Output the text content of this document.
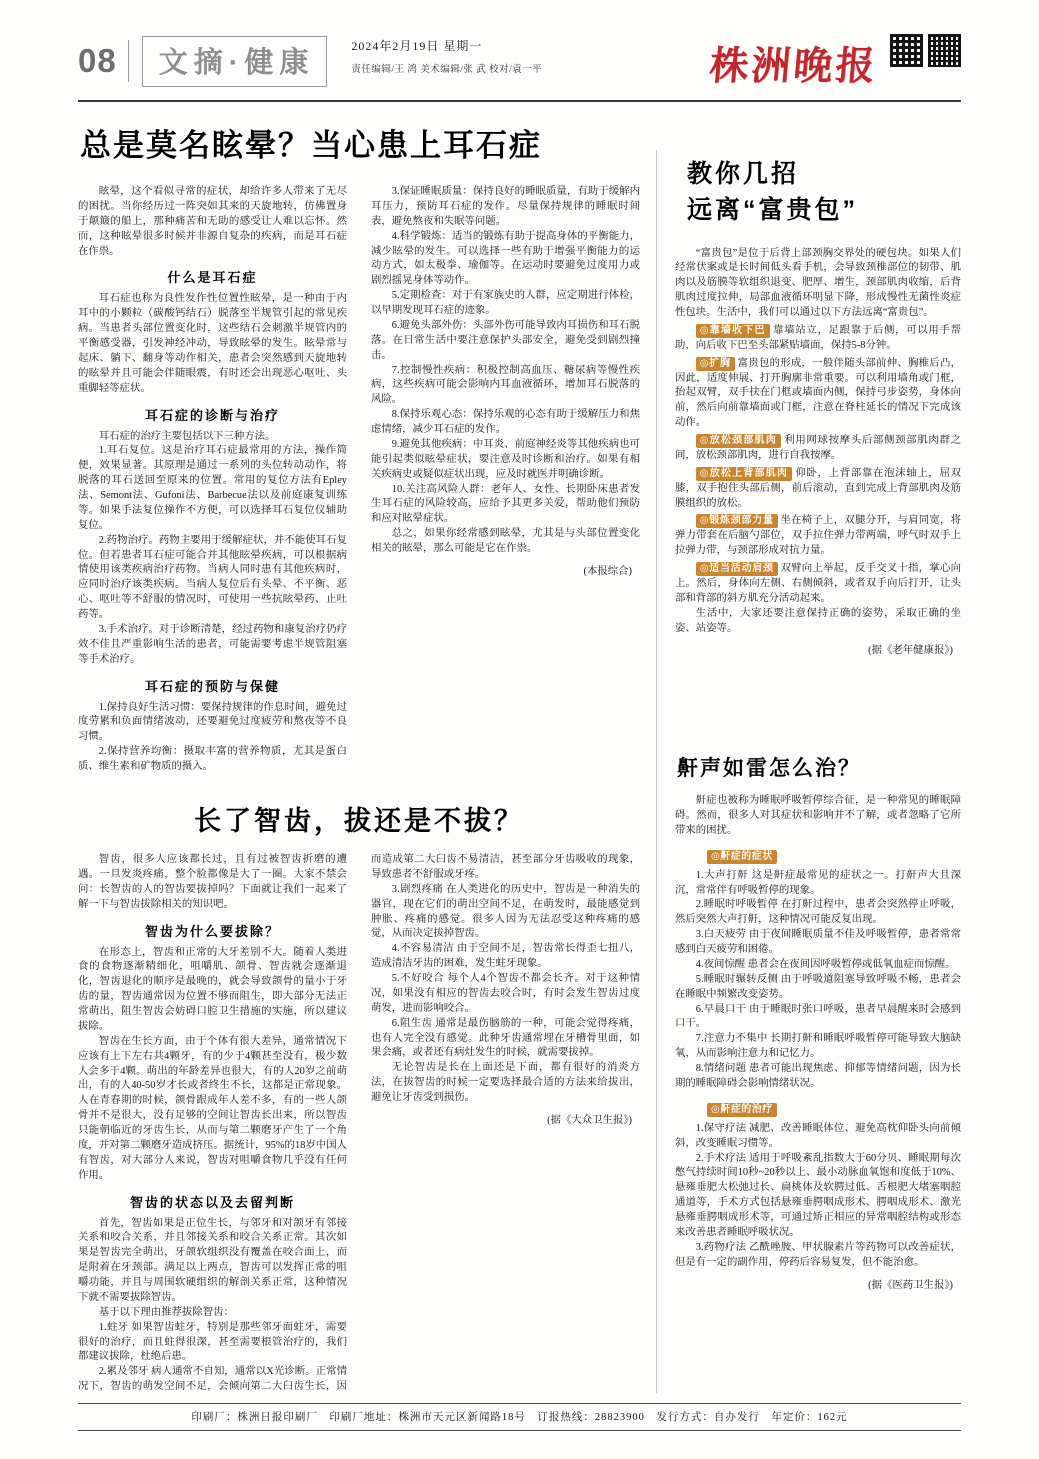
08	文摘·健康
2024年2月19日 星期一
责任编辑/王 鸿 美术编辑/张 武 校对/袁一平	株洲晚报
总是莫名眩晕？当心患上耳石症

眩晕，这个看似寻常的症状，却给许多人带来了无尽的困扰。当你经历过一阵突如其来的天旋地转，仿佛置身于颠簸的船上，那种痛苦和无助的感受让人难以忘怀。然而，这种眩晕很多时候并非源自复杂的疾病，而是耳石症在作祟。

什么是耳石症

耳石症也称为良性发作性位置性眩晕，是一种由于内耳中的小颗粒（碳酸钙结石）脱落至半规管引起的常见疾病。当患者头部位置变化时，这些结石会刺激半规管内的平衡感受器，引发神经冲动，导致眩晕的发生。眩晕常与起床、躺下、翻身等动作相关，患者会突然感到天旋地转的眩晕并且可能会伴随眼震，有时还会出现恶心呕吐、头重脚轻等症状。

耳石症的诊断与治疗

耳石症的治疗主要包括以下三种方法。

1.耳石复位。这是治疗耳石症最常用的方法，操作简便，效果显著。其原理是通过一系列的头位转动动作，将脱落的耳石送回至原来的位置。常用的复位方法有Epley法、Semont法、Gufoni法、Barbecue法以及前庭康复训练等。如果手法复位操作不方便，可以选择耳石复位仪辅助复位。

2.药物治疗。药物主要用于缓解症状，并不能使耳石复位。但若患者耳石症可能合并其他眩晕疾病，可以根据病情使用该类疾病治疗药物。当病人同时患有其他疾病时，应同时治疗该类疾病。当病人复位后有头晕、不平衡、恶心、呕吐等不舒服的情况时，可使用一些抗眩晕药、止吐药等。

3.手术治疗。对于诊断清楚，经过药物和康复治疗仍疗效不佳且严重影响生活的患者，可能需要考虑半规管阻塞等手术治疗。

耳石症的预防与保健

1.保持良好生活习惯：要保持规律的作息时间，避免过度劳累和负面情绪波动，还要避免过度疲劳和熬夜等不良习惯。

2.保持营养均衡：摄取丰富的营养物质，尤其是蛋白质、维生素和矿物质的摄入。

3.保证睡眠质量：保持良好的睡眠质量，有助于缓解内耳压力，预防耳石症的发作。尽量保持规律的睡眠时间表，避免熬夜和失眠等问题。

4.科学锻炼：适当的锻炼有助于提高身体的平衡能力，减少眩晕的发生。可以选择一些有助于增强平衡能力的运动方式，如太极拳、瑜伽等。在运动时要避免过度用力或剧烈摇晃身体等动作。

5.定期检查：对于有家族史的人群，应定期进行体检，以早期发现耳石症的迹象。

6.避免头部外伤：头部外伤可能导致内耳损伤和耳石脱落。在日常生活中要注意保护头部安全，避免受到剧烈撞击。

7.控制慢性疾病：积极控制高血压、糖尿病等慢性疾病，这些疾病可能会影响内耳血液循环，增加耳石脱落的风险。

8.保持乐观心态：保持乐观的心态有助于缓解压力和焦虑情绪，减少耳石症的发作。

9.避免其他疾病：中耳炎、前庭神经炎等其他疾病也可能引起类似眩晕症状，要注意及时诊断和治疗。如果有相关疾病史或疑似症状出现，应及时就医并明确诊断。

10.关注高风险人群：老年人、女性、长期卧床患者发生耳石症的风险较高，应给予其更多关爱，帮助他们预防和应对眩晕症状。

总之，如果你经常感到眩晕，尤其是与头部位置变化相关的眩晕，那么可能是它在作祟。

(本报综合)

长了智齿，拔还是不拔？

智齿，很多人应该都长过，且有过被智齿折磨的遭遇。一旦发炎疼痛，整个脸都像是大了一圈。大家不禁会问：长智齿的人的智齿要拔掉吗？下面就让我们一起来了解一下与智齿拔除相关的知识吧。

智齿为什么要拔除？

在形态上，智齿和正常的大牙差别不大。随着人类进食的食物逐渐精细化，咀嚼肌、颌骨、智齿就会逐渐退化，智齿退化的顺序是最晚的，就会导致颌骨的量小于牙齿的量，智齿通常因为位置不够而阻生，即大部分无法正常萌出，阻生智齿会妨碍口腔卫生措施的实施，所以建议拔除。

智齿在生长方面，由于个体有很大差异，通常情况下应该有上下左右共4颗牙，有的少于4颗甚至没有，极少数人会多于4颗。萌出的年龄差异也很大，有的人20岁之前萌出，有的人40-50岁才长或者终生不长，这都是正常现象。人在青春期的时候，颌骨跟成年人差不多，有的一些人颌骨并不是很大，没有足够的空间让智齿长出来，所以智齿只能朝临近的牙齿生长，从而与第二颗磨牙产生了一个角度，并对第二颗磨牙造成挤压。据统计，95%的18岁中国人有智齿，对大部分人来说，智齿对咀嚼食物几乎没有任何作用。

智齿的状态以及去留判断

首先，智齿如果是正位生长，与邻牙和对颌牙有邻接关系和咬合关系，并且邻接关系和咬合关系正常。其次如果是智齿完全萌出，牙颌软组织没有覆盖在咬合面上，而是附着在牙颈部。满足以上两点，智齿可以发挥正常的咀嚼功能，并且与周围软硬组织的解剖关系正常，这种情况下就不需要拔除智齿。

基于以下理由推荐拔除智齿：

1.蛀牙 如果智齿蛀牙，特别是那些邻牙面蛀牙，需要很好的治疗，而且蛀得很深，甚至需要根管治疗的，我们都建议拔除，杜绝后患。

2.累及邻牙 病人通常不自知，通常以X光诊断。正常情况下，智齿的萌发空间不足，会倾向第二大臼齿生长，因而造成第二大臼齿不易清洁，甚至部分牙齿吸收的现象，导致患者不舒服或牙疼。

3.剧烈疼痛 在人类进化的历史中，智齿是一种消失的器官，现在它们的萌出空间不足，在萌发时，最能感觉到肿胀、疼痛的感觉。很多人因为无法忍受这种疼痛的感觉，从而决定拔掉智齿。

4.不容易清洁 由于空间不足，智齿常长得歪七扭八，造成清洁牙齿的困难，发生蛀牙现象。

5.不好咬合 每个人4个智齿不都会长齐。对于这种情况，如果没有相应的智齿去咬合时，有时会发生智齿过度萌发，进而影响咬合。

6.阻生齿 通常是最伤脑筋的一种，可能会觉得疼痛，也有人完全没有感觉。此种牙齿通常埋在牙槽骨里面，如果会痛，或者还有病灶发生的时候，就需要拔掉。

无论智齿是长在上面还是下面，都有很好的消炎方法，在拔智齿的时候一定要选择最合适的方法来给拔出，避免让牙齿受到损伤。

(据《大众卫生报》)

教你几招
远离“富贵包”

“富贵包”是位于后背上部颈胸交界处的硬包块。如果人们经常伏案或是长时间低头看手机，会导致颈椎部位的韧带、肌肉以及筋膜等软组织退变、肥厚、增生，颈部肌肉收缩，后背肌肉过度拉伸，局部血液循环明显下降，形成慢性无菌性炎症性包块。生活中，我们可以通过以下方法远离“富贵包”。

◎靠墙收下巴 靠墙站立，足跟靠于后侧，可以用手帮助，向后收下巴至头部紧贴墙面，保持5-8分钟。

◎扩胸 富贵包的形成，一般伴随头部前伸、胸椎后凸，因此，适度伸展、打开胸廓非常重要。可以利用墙角或门框，抬起双臂，双手扶在门框或墙面内侧，保持弓步姿势，身体向前，然后向前靠墙面或门框，注意在脊柱延长的情况下完成该动作。

◎放松颈部肌肉 利用网球按摩头后部侧颈部肌肉群之间，放松颈部肌肉，进行自我按摩。

◎放松上背部肌肉 仰卧，上背部靠在泡沫轴上，屈双膝，双手抱住头部后侧，前后滚动，直到完成上背部肌肉及筋膜组织的放松。

◎锻炼颈部力量 坐在椅子上，双腿分开，与肩同宽，将弹力带套在后脑勺部位，双手拉住弹力带两端，呼气时双手上拉弹力带，与颈部形成对抗力量。

◎适当活动肩颈 双臂向上举起，反手交叉十指，掌心向上。然后，身体向左侧、右侧倾斜，或者双手向后打开，让头部和背部的斜方肌充分活动起来。

生活中，大家还要注意保持正确的姿势，采取正确的坐姿、站姿等。

(据《老年健康报》)

鼾声如雷怎么治？

鼾症也被称为睡眠呼吸暂停综合征，是一种常见的睡眠障碍。然而，很多人对其症状和影响并不了解，或者忽略了它所带来的困扰。

◎鼾症的症状

1.大声打鼾 这是鼾症最常见的症状之一。打鼾声大且深沉，常常伴有呼吸暂停的现象。

2.睡眠时呼吸暂停 在打鼾过程中，患者会突然停止呼吸，然后突然大声打鼾，这种情况可能反复出现。

3.白天疲劳 由于夜间睡眠质量不佳及呼吸暂停，患者常常感到白天疲劳和困倦。

4.夜间惊醒 患者会在夜间因呼吸暂停或低氧血症而惊醒。

5.睡眠时辗转反侧 由于呼吸道阻塞导致呼吸不畅，患者会在睡眠中频繁改变姿势。

6.早晨口干 由于睡眠时张口呼吸，患者早晨醒来时会感到口干。

7.注意力不集中 长期打鼾和睡眠呼吸暂停可能导致大脑缺氧，从而影响注意力和记忆力。

8.情绪问题 患者可能出现焦虑、抑郁等情绪问题，因为长期的睡眠障碍会影响情绪状况。

◎鼾症的治疗

1.保守疗法 减肥、改善睡眠体位、避免高枕仰卧头向前倾斜，改变睡眠习惯等。

2.手术疗法 适用于呼吸紊乱指数大于60分贝、睡眠期每次憋气持续时间10秒~20秒以上、最小动脉血氧饱和度低于10%、悬雍垂肥大松弛过长、扁桃体及软腭过低、舌根肥大堵塞咽腔通道等，手术方式包括悬雍垂腭咽成形术、腭咽成形术、激光悬雍垂腭咽成形术等，可通过矫正相应的异常咽腔结构或形态来改善患者睡眠呼吸状况。

3.药物疗法 乙酰唑胺、甲状腺素片等药物可以改善症状，但是有一定的副作用，停药后容易复发，但不能治愈。

(据《医药卫生报》)

印刷厂：株洲日报印刷厂　印刷厂地址：株洲市天元区新闻路18号　订报热线：28823900　发行方式：自办发行　年定价：162元
